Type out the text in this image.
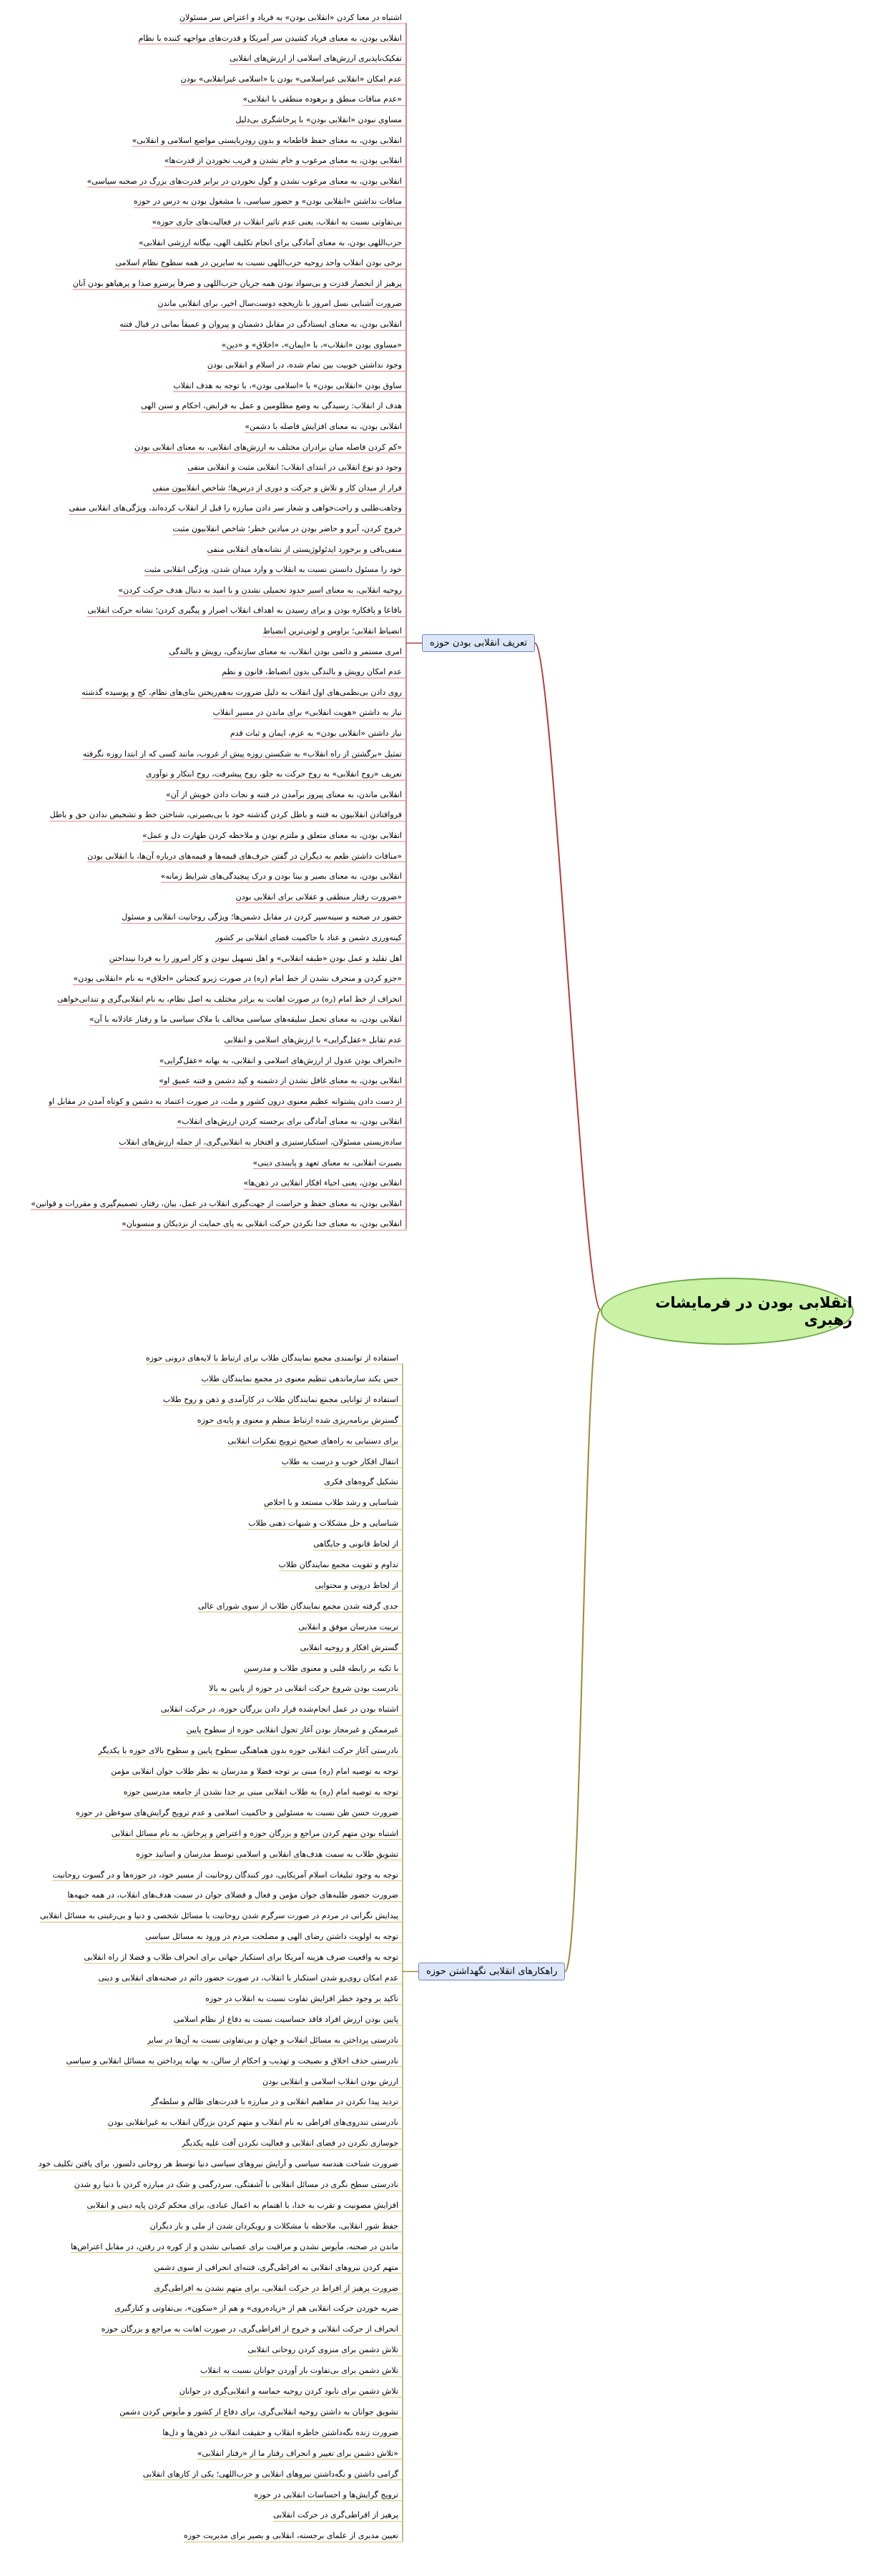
انقلابی بودن در فرمایشات رهبری
تعریف انقلابی بودن حوزه
اشتباه در معنا کردن «انقلابی بودن» به فریاد و اعتراض سر مسئولان
انقلابی بودن، به معنای فریاد کشیدن سر آمریکا و قدرت‌های مواجهه‌ کننده با نظام
تفکیک‌ناپذیری ارزش‌های اسلامی از ارزش‌های انقلابی
عدم امکان «انقلابی غیراسلامی» بودن یا «اسلامی غیرانقلابی» بودن
«عدم منافات منطق و برهوده منطقی با انقلابی»
مساوی نبودن «انقلابی بودن» با پرخاشگری بی‌دلیل
انقلابی بودن، به معنای حفظ قاطعانه و بدون رودربایستی مواضع اسلامی و انقلابی»
انقلابی بودن، به معنای مرعوب و خام نشدن و فریب نخوردن از قدرت‌ها»
انقلابی بودن، به معنای مرعوب نشدن و گول نخوردن در برابر قدرت‌های بزرگ در صحنه سیاسی»
منافات نداشتن «انقلابی بودن» و حضور سیاسی، با مشغول بودن به درس در حوزه
بی‌تفاوتی نسبت به انقلاب، یعنی عدم تاثیر انقلاب در فعالیت‌های جاری حوزه»
حزب‌اللهی بودن، به معنای آمادگی برای انجام تکلیف الهی، بیگانه ارزشی انقلابی»
برخی بودن انقلاب واحد روحیه حزب‌اللهی نسبت به سایرین در همه سطوح نظام اسلامی
پرهیز از انحصار قدرت و بی‌سواد بودن همه جریان حزب‌اللهی و صرفاً پرسرو صدا و پرهیاهو بودن آنان
ضرورت آشنایی نسل امروز با تاریخچه دوست‌سال اخیر، برای انقلابی ماندن
انقلابی بودن، به معنای ایستادگی در مقابل دشمنان و پیروان و عمیقاً بمانی در قبال فتنه
«مساوی بودن «انقلاب»، با «ایمان»، «اخلاق» و «دین»
وجود نداشتن خوبیت بین تمام شده، در اسلام و انقلابی بودن
ساوق بودن «انقلابی بودن» با «اسلامی بودن»، با توجه به هدف انقلاب
هدف از انقلاب: رسیدگی به وضع مظلومین و عمل به فرایض، احکام و سنن الهی
انقلابی بودن، به معنای افزایش فاصله با دشمن»
«کم کردن فاصله میان برادران مختلف به ارزش‌های انقلابی، به معنای انقلابی بودن
وجود دو نوع انقلابی در ابتدای انقلاب؛ انقلابی مثبت و انقلابی منفی
فرار از میدان کار و تلاش و حرکت و دوری از درس‌ها؛ شاخص انقلابیون منفی
وجاهت‌طلبی و راحت‌خواهی و شعار سر دادن مبارزه را قبل از انقلاب کرده‌اند، ویژگی‌های انقلابی منفی
خروج کردن، آبرو و حاضر بودن در میادین خطر؛ شاخص انقلابیون مثبت
منفی‌بافی و برخورد ایدئولوژیستی از نشانه‌های انقلابی منفی
خود را مسئول دانستن نسبت به انقلاب و وارد میدان شدن، ویژگی انقلابی مثبت
روحیه انقلابی، به معنای اسیر حدود تحمیلی نشدن و با امید به دنبال هدف حرکت کردن»
باقاعا و پافکاره بودن و برای رسیدن به اهداف انقلاب اصرار و پیگیری کردن؛ نشانه حرکت انقلابی
انضباط انقلابی؛ براوس و لوتی‌ترین انضباط
امری مستمر و دائمی بودن انقلاب، به معنای سازندگی، رویش و بالندگی
عدم امکان رویش و بالندگی بدون انضباط، قانون و نظم
روی دادن بی‌نظمی‌های اول انقلاب به دلیل ضرورت به‌هم‌ریختن بنای‌های نظام، کج و پوسیده گذشته
نیاز به داشتن «هویت انقلابی» برای ماندن در مسیر انقلاب
نیاز داشتن «انقلابی بودن» به عزم، ایمان و ثبات قدم
تمثیل «برگشتن از راه انقلاب» به شکستن روزه پیش از غروب، مانند کسی که از ابتدا روزه نگرفته
تعریف «روح انقلابی» به روح حرکت به جلو، روح پیشرفت، روح ابتکار و نوآوری
انقلابی ماندن، به معنای پیروز برآمدن در فتنه و نجات دادن خویش از آن»
فروافتادن انقلابیون به فتنه و باطل کردن گذشته خود با بی‌بصیرتی، شناختن خط و تشخیص ندادن حق و باطل
انقلابی بودن، به معنای متعلق و ملتزم بودن و ملاحظه کردن طهارت دل و عمل»
«منافات داشتن طعم به دیگران در گفتن حرف‌های قیمه‌ها و فیمه‌های درباره آن‌ها، با انقلابی بودن
انقلابی بودن، به معنای بصیر و بینا بودن و درک پیچیدگی‌های شرایط زمانه»
«ضرورت رفتار منطقی و عقلانی برای انقلابی بودن
حضور در صحنه و سینه‌سپر کردن در مقابل دشمن‌ها؛ ویژگی روحانیت انقلابی و مسئول
کینه‌ورزی دشمن و عناد با حاکمیت فضای انقلابی بر کشور
اهل تقلید و عمل بودن «طبقه انقلابی» و اهل تسهیل نبودن و کار امروز را به فردا نینداختن
«جزو کردن و منحرف نشدن از خط امام (ره) در صورت زیرو کنجنانن «اخلاق» به نام «انقلابی بودن»
انحراف از خط امام (ره) در صورت اهانت به برادر مختلف به اصل نظام، به نام انقلابی‌گری و تندانی‌خواهی
انقلابی بودن، به معنای تحمل سلیقه‌های سیاسی مخالف با ملاک سیاسی ما و رفتار عادلانه با آن»
عدم تقابل «عقل‌گرایی» با ارزش‌های اسلامی و انقلابی
«انحراف بودن عدول از ارزش‌های اسلامی و انقلابی، به بهانه «عقل‌گرایی»
انقلابی بودن، به معنای غافل نشدن از دشمنه و کید دشمن و فتنه عمیق او»
از دست دادن پشتوانه عظیم معنوی درون کشور و ملت، در صورت اعتماد به دشمن و کوتاه آمدن در مقابل او
انقلابی بودن، به معنای آمادگی برای برجسته کردن ارزش‌های انقلاب»
ساده‌زیستی مسئولان، استکبارستیزی و افتخار به انقلابی‌گری، از جمله ارزش‌های انقلاب
بصیرت انقلابی، به معنای تعهد و پایبندی دینی»
انقلابی بودن، یعنی احیاء افکار انقلابی در ذهن‌ها»
انقلابی بودن، به معنای حفظ و حراست از جهت‌گیری انقلاب در عمل، بیان، رفتار، تصمیم‌گیری و مقررات و قوانین»
انقلابی بودن، به معنای جدا نکردن حرکت انقلابی به پای حمایت از نزدیکان و منسوبان»
راهکارهای انقلابی نگهداشتن حوزه
استفاده از توانمندی مجمع نمایندگان طلاب برای ارتباط با لایه‌های درونی حوزه
حس یکند سازماندهی تنظیم معنوی در مجمع نمایندگان طلاب
استفاده از توانایی مجمع نمایندگان طلاب در کارآمدی و ذهن و روح طلاب
گسترش برنامه‌ریزی شده ارتباط منظم و معنوی و پایه‌ی حوزه
برای دستیابی به راه‌های صحیح ترویج تفکرات انقلابی
انتقال افکار خوب و درست به طلاب
تشکیل گروه‌های فکری
شناسایی و رشد طلاب مستعد و با اخلاص
شناسایی و حل مشکلات و شبهات ذهنی طلاب
از لحاظ قانونی و جایگاهی
تداوم و تقویت مجمع نمایندگان طلاب
از لحاظ درونی و محتوایی
جدی گرفته شدن مجمع نمایندگان طلاب از سوی شورای عالی
تربیت مدرسان موفق و انقلابی
گسترش افکار و روحیه انقلابی
با تکیه بر رابطه قلبی و معنوی طلاب و مدرسین
نادرست بودن شروع حرکت انقلابی در حوزه از پایین به بالا
اشتباه بودن در عمل انجام‌شده قرار دادن بزرگان حوزه، در حرکت انقلابی
غیرممکن و غیرمجاز بودن آغاز تحول انقلابی حوزه از سطوح پایین
نادرستی آغاز حرکت انقلابی حوزه بدون هماهنگی سطوح پایین و سطوح بالای حوزه با یکدیگر
توجه به توصیه امام (ره) مبنی بر توجه فضلا و مدرسان به نظر طلاب جوان انقلابی مؤمن
توجه به توصیه امام (ره) به طلاب انقلابی مبنی بر جدا نشدن از جامعه مدرسین حوزه
ضرورت حسن ظن نسبت به مسئولین و حاکمیت اسلامی و عدم ترویج گرایش‌های سوءظن در حوزه
اشتباه بودن متهم کردن مراجع و بزرگان حوزه و اعتراض و پرخاش، به نام مسائل انقلابی
تشویق طلاب به سمت هدف‌های انقلابی و اسلامی توسط مدرسان و اساتید حوزه
توجه به وجود تبلیغات اسلام آمریکایی، دور کنندگان روحانیت از مسیر خود، در حوزه‌ها و در گسوت روحانیت
ضرورت حضور طلبه‌های جوان مؤمن و فعال و فضلای جوان در سمت هدف‌های انقلاب، در همه جبهه‌ها
پیدایش نگرانی در مردم در صورت سرگرم شدن روحانیت با مسائل شخصی و دنیا و بی‌رغبتی به مسائل انقلابی
توجه به اولویت داشتن رضای الهی و مصلحت مردم در ورود به مسائل سیاسی
توجه به واقعیت صرف هزینه آمریکا برای استکبار جهانی برای انحراف طلاب و فضلا از راه انقلابی
عدم امکان روی‌رو شدن استکبار با انقلاب، در صورت حضور دائم در صحنه‌های انقلابی و دینی
تأکید بر وجود خطر افزایش تفاوت نسبت به انقلاب در حوزه
پایین بودن ارزش افراد فاقد حساسیت نسبت به دفاع از نظام اسلامی
نادرستی پرداختن به مسائل انقلاب و جهان و بی‌تفاوتی نسبت به آن‌ها در سایر
نادرستی حذف اخلاق و نصیحت و تهذیب و احکام از سالن، به بهانه پرداختن به مسائل انقلابی و سیاسی
ارزش بودن انقلاب اسلامی و انقلابی بودن
تردید پیدا نکردن در مفاهیم انقلابی و در مبارزه با قدرت‌های ظالم و سلطه‌گر
نادرستی تندروی‌های افراطی به نام انقلاب و متهم کردن بزرگان انقلاب به غیرانقلابی بودن
جوسازی نکردن در فضای انقلابی و فعالیت نکردن آفت علیه یکدیگر
ضرورت شناخت هندسه سیاسی و آرایش نیروهای سیاسی دنیا توسط هر روحانی دلسوز، برای یافتن تکلیف خود
نادرستی سطح نگری در مسائل انقلابی با آشفتگی، سردرگمی و شک در مبارزه کردن با دنیا رو شدن
افزایش مصونیت و تقرب به خدا، با اهتمام به اعمال عبادی، برای محکم کردن پایه دینی و انقلابی
حفظ شور انقلابی، ملاحظه با مشکلات و رویکردان شدن از ملی و بار دیگران
ماندن در صحنه، مأیوس نشدن و مراقبت برای عصبانی نشدن و از کوره در رفتن، در مقابل اعتراض‌ها
متهم کردن نیروهای انقلابی به افراطی‌گری، فتنه‌ای انحرافی از سوی دشمن
ضرورت پرهیز از افراط در حرکت انقلابی، برای متهم نشدن به افراطی‌گری
ضربه خوردن حرکت انقلابی هم از «زیاده‌روی» و هم از «سکون»، بی‌تفاوتی و کنار‌گیری
انحراف از حرکت انقلابی و خروج از افراطی‌گری، در صورت اهانت به مراجع و بزرگان حوزه
تلاش دشمن برای منزوی کردن روحانی انقلابی
تلاش دشمن برای بی‌تفاوت بار آوردن جوانان نسبت به انقلاب
تلاش دشمن برای نابود کردن روحیه حماسه و انقلابی‌گری در جوانان
تشویق جوانان به داشتن روحیه انقلابی‌گری، برای دفاع از کشور و مأیوس کردن دشمن
ضرورت زنده نگه‌داشتن خاطره انقلاب و حقیقت انقلاب در ذهن‌ها و دل‌ها
«تلاش دشمن برای تغییر و انحراف رفتار ما از «رفتار انقلابی»
گرامی داشتن و نگه‌داشتن نیروهای انقلابی و حزب‌اللهی؛ یکی از کارهای انقلابی
ترویج گرایش‌ها و احساسات انقلابی در حوزه
پرهیز از افراطی‌گری در حرکت انقلابی
تعیین مدیری از علمای برجسته، انقلابی و بصیر برای مدیریت حوزه
